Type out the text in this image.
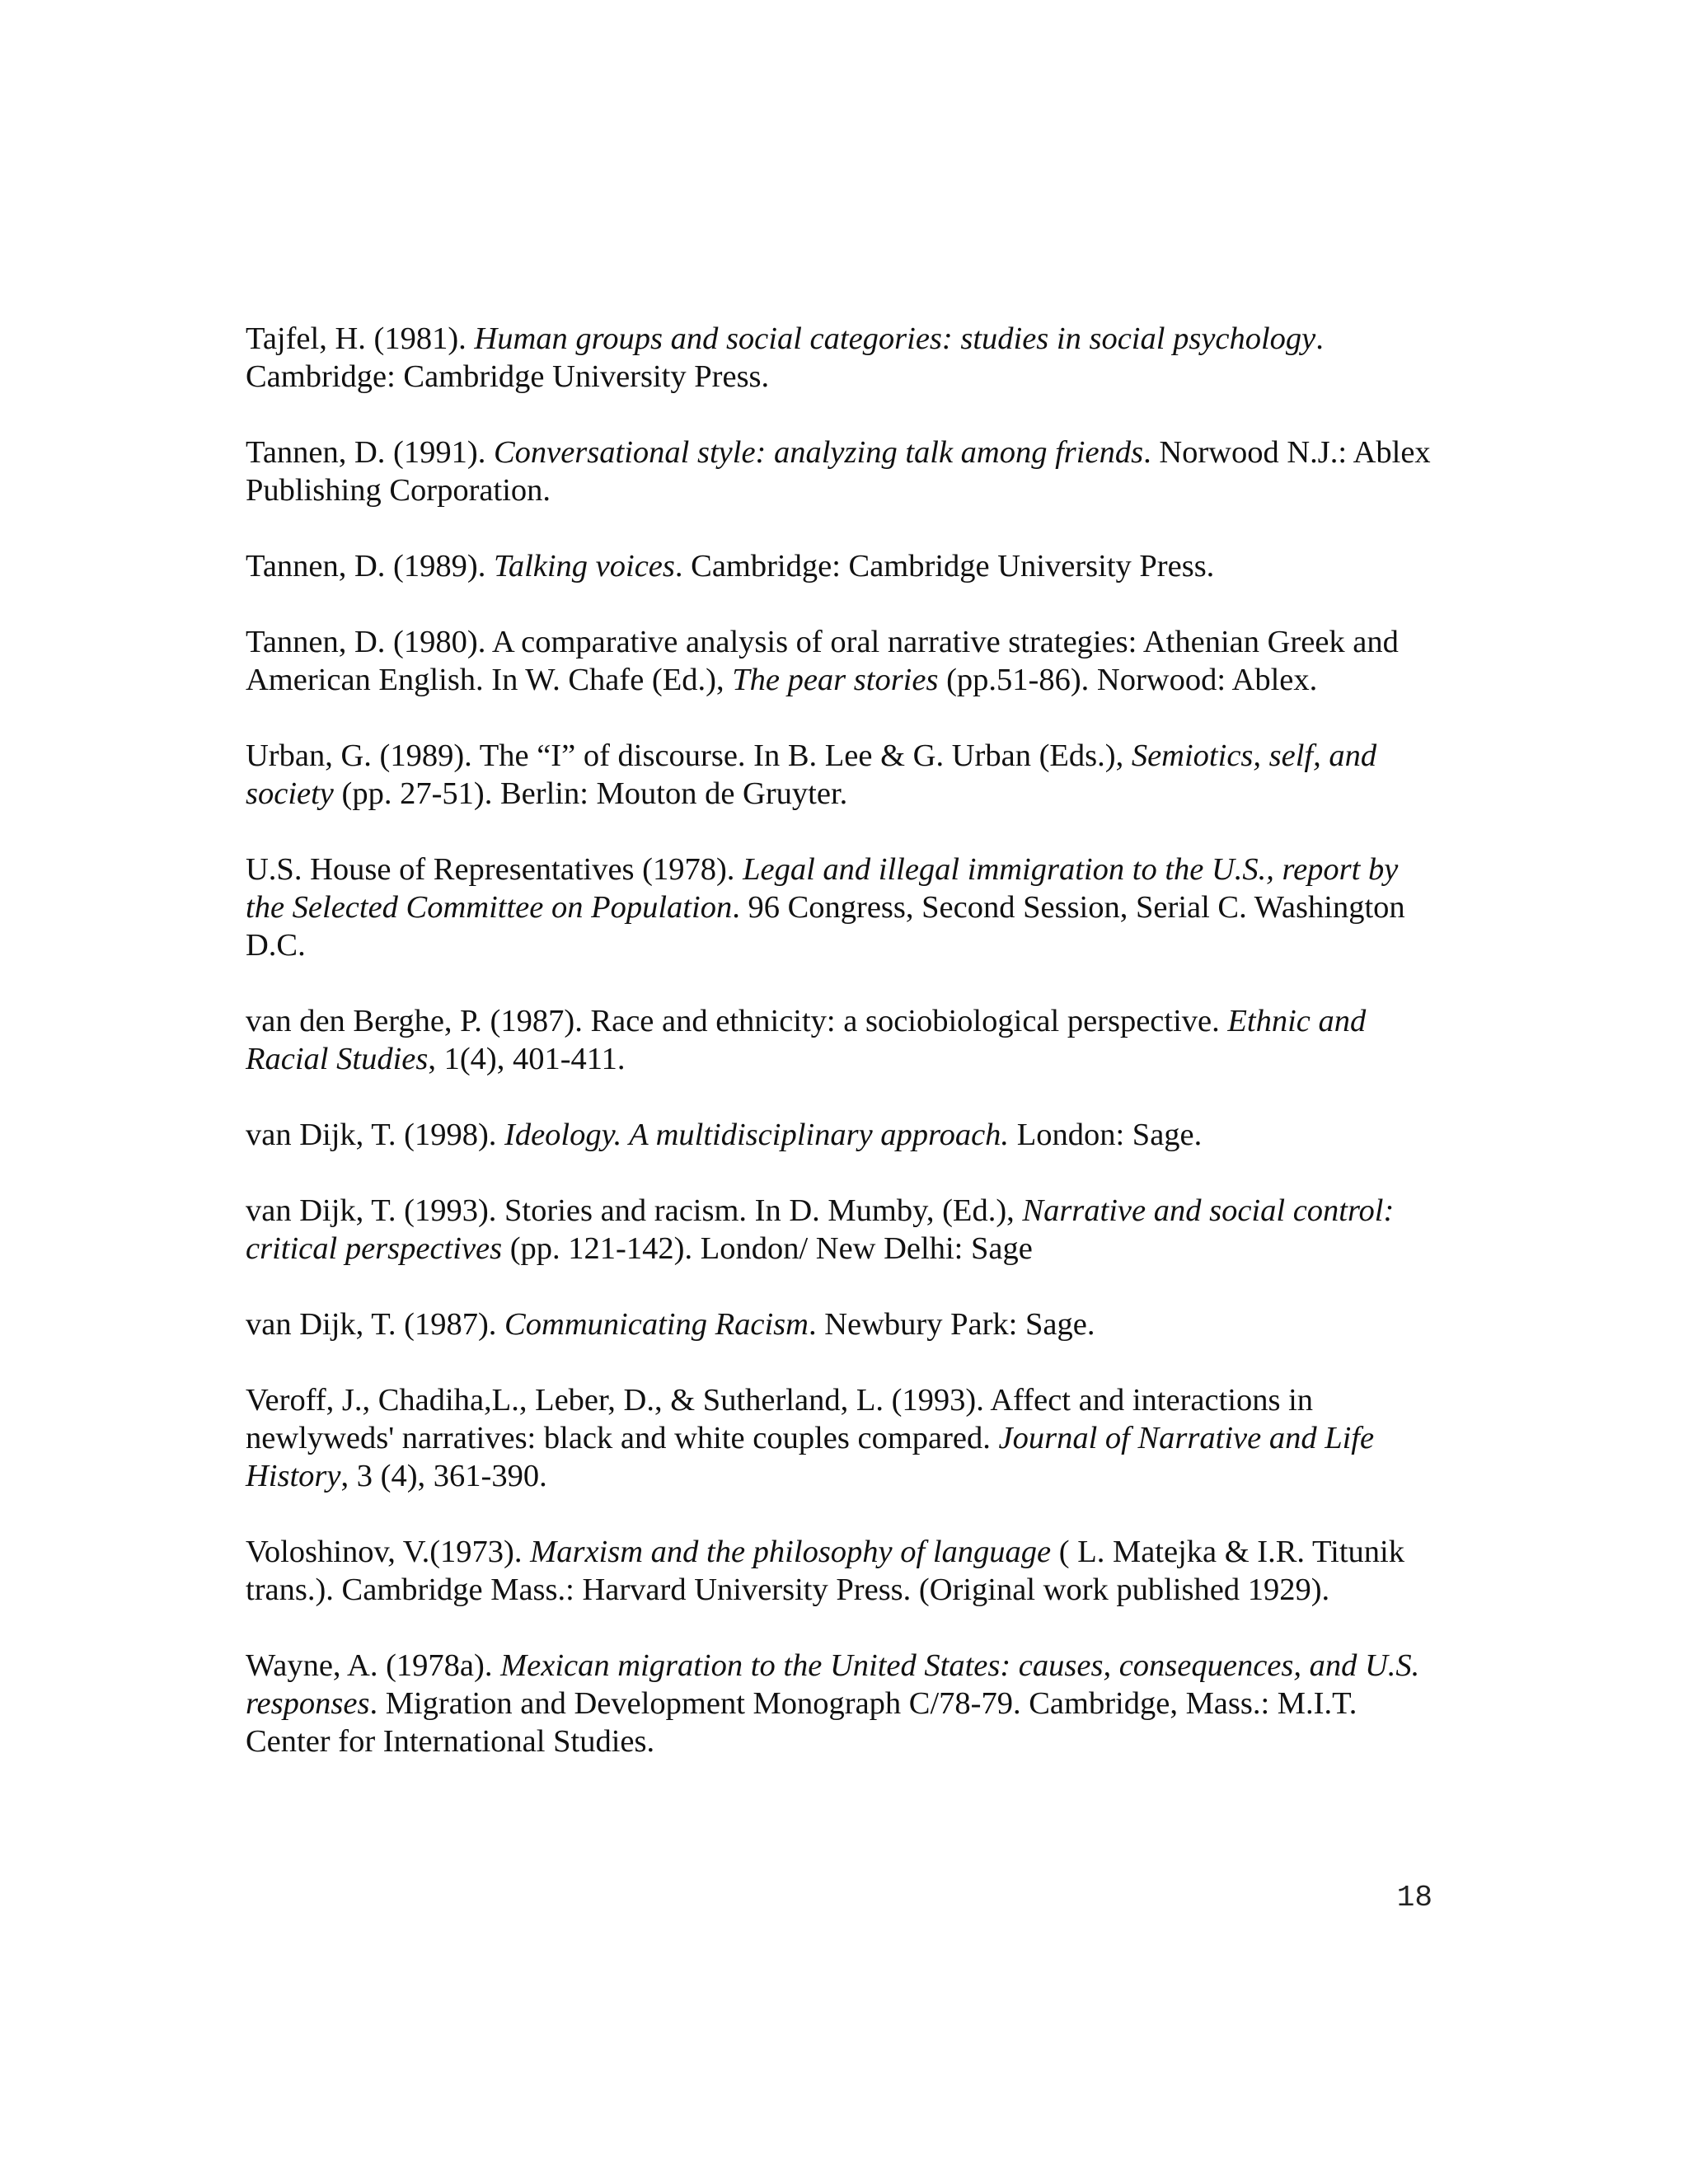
Tajfel, H. (1981). Human groups and social categories: studies in social psychology. Cambridge: Cambridge University Press.

Tannen, D. (1991). Conversational style: analyzing talk among friends. Norwood N.J.: Ablex Publishing Corporation.

Tannen, D. (1989). Talking voices. Cambridge: Cambridge University Press.

Tannen, D. (1980). A comparative analysis of oral narrative strategies: Athenian Greek and American English. In W. Chafe (Ed.), The pear stories (pp.51-86). Norwood: Ablex.

Urban, G. (1989). The “I” of discourse. In B. Lee & G. Urban (Eds.), Semiotics, self, and society (pp. 27-51). Berlin: Mouton de Gruyter.

U.S. House of Representatives (1978). Legal and illegal immigration to the U.S., report by the Selected Committee on Population. 96 Congress, Second Session, Serial C. Washington D.C.

van den Berghe, P. (1987). Race and ethnicity: a sociobiological perspective. Ethnic and Racial Studies, 1(4), 401-411.

van Dijk, T. (1998). Ideology. A multidisciplinary approach. London: Sage.

van Dijk, T. (1993). Stories and racism. In D. Mumby, (Ed.), Narrative and social control: critical perspectives (pp. 121-142). London/ New Delhi: Sage

van Dijk, T. (1987). Communicating Racism. Newbury Park: Sage.

Veroff, J., Chadiha,L., Leber, D., & Sutherland, L. (1993). Affect and interactions in newlyweds' narratives: black and white couples compared. Journal of Narrative and Life History, 3 (4), 361-390.

Voloshinov, V.(1973). Marxism and the philosophy of language ( L. Matejka & I.R. Titunik trans.). Cambridge Mass.: Harvard University Press. (Original work published 1929).

Wayne, A. (1978a). Mexican migration to the United States: causes, consequences, and U.S. responses. Migration and Development Monograph C/78-79. Cambridge, Mass.: M.I.T. Center for International Studies.

18
